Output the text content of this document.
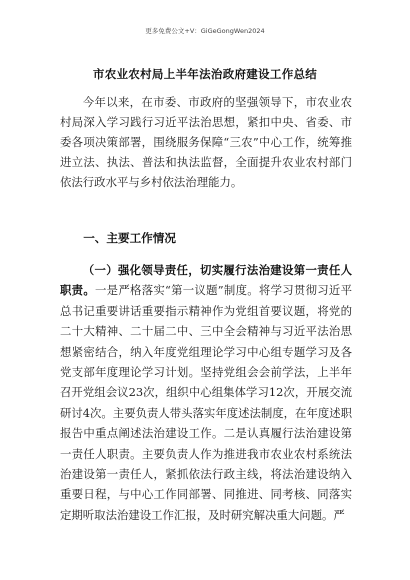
更多免费公文+V：GiGeGongWen2024
市农业农村局上半年法治政府建设工作总结

今年以来，在市委、市政府的坚强领导下，市农业农村局深入学习践行习近平法治思想，紧扣中央、省委、市委各项决策部署，围绕服务保障“三农”中心工作，统筹推进立法、执法、普法和执法监督，全面提升农业农村部门依法行政水平与乡村依法治理能力。

一、主要工作情况

（一）强化领导责任，切实履行法治建设第一责任人职责。一是严格落实“第一议题”制度。将学习贯彻习近平总书记重要讲话重要指示精神作为党组首要议题，将党的二十大精神、二十届二中、三中全会精神与习近平法治思想紧密结合，纳入年度党组理论学习中心组专题学习及各党支部年度理论学习计划。坚持党组会会前学法，上半年召开党组会议23次，组织中心组集体学习12次，开展交流研讨4次。主要负责人带头落实年度述法制度，在年度述职报告中重点阐述法治建设工作。二是认真履行法治建设第一责任人职责。主要负责人作为推进我市农业农村系统法治建设第一责任人，紧抓依法行政主线，将法治建设纳入重要日程，与中心工作同部署、同推进、同考核、同落实定期听取法治建设工作汇报，及时研究解决重大问题。严
